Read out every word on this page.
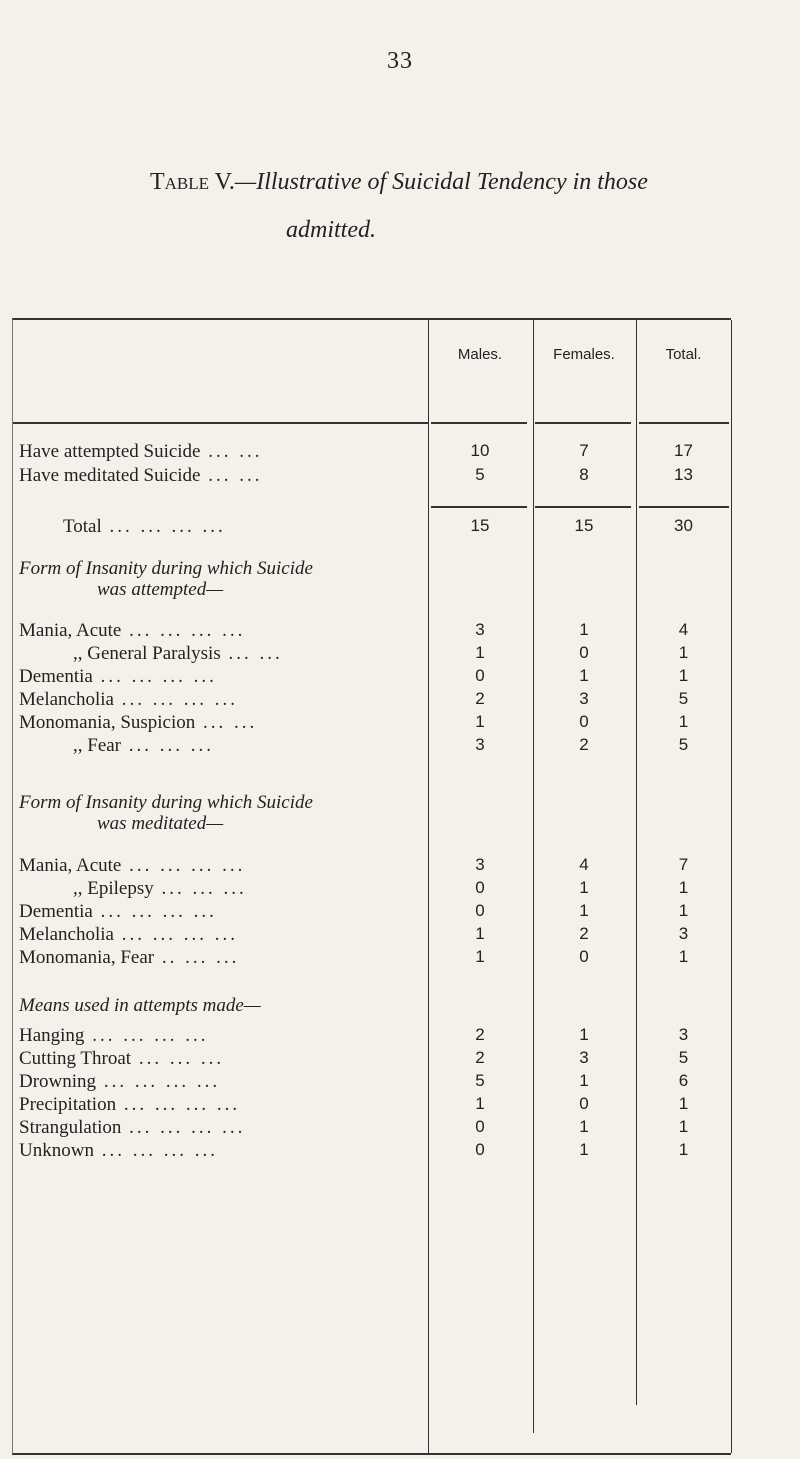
33
Table V.—Illustrative of Suicidal Tendency in those
admitted.
Males.	Females.	Total.
Have attempted Suicide ... ...	10	7	17
Have meditated Suicide ... ...	5	8	13
Total ... ... ... ...	15	15	30
Form of Insanity during which Suicide
was attempted—
Mania, Acute ... ... ... ...	3	1	4
,, General Paralysis ... ...	1	0	1
Dementia ... ... ... ...	0	1	1
Melancholia ... ... ... ...	2	3	5
Monomania, Suspicion ... ...	1	0	1
,, Fear ... ... ...	3	2	5
Form of Insanity during which Suicide
was meditated—
Mania, Acute ... ... ... ...	3	4	7
,, Epilepsy ... ... ...	0	1	1
Dementia ... ... ... ...	0	1	1
Melancholia ... ... ... ...	1	2	3
Monomania, Fear .. ... ...	1	0	1
Means used in attempts made—
Hanging ... ... ... ...	2	1	3
Cutting Throat ... ... ...	2	3	5
Drowning ... ... ... ...	5	1	6
Precipitation ... ... ... ...	1	0	1
Strangulation ... ... ... ...	0	1	1
Unknown ... ... ... ...	0	1	1
